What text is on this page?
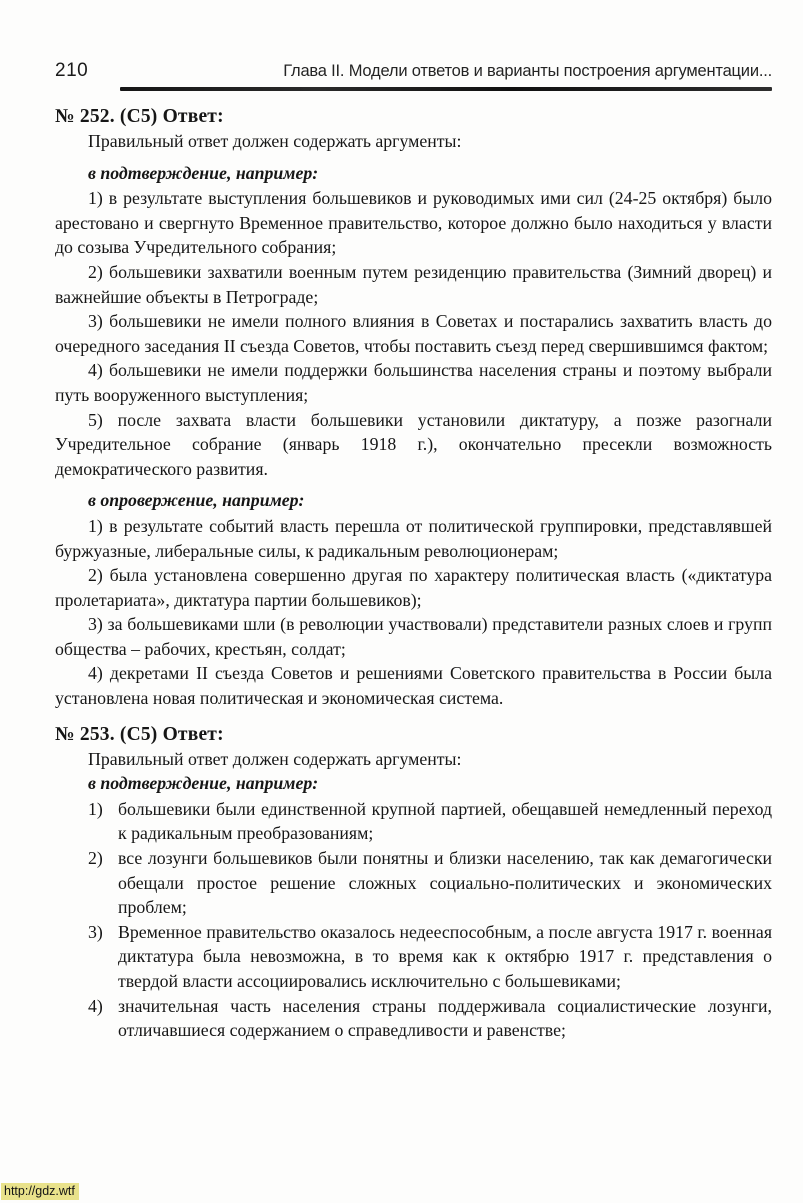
210	Глава II. Модели ответов и варианты построения аргументации...
№ 252. (С5) Ответ:

Правильный ответ должен содержать аргументы:

в подтверждение, например:

1) в результате выступления большевиков и руководимых ими сил (24-25 октября) было арестовано и свергнуто Временное правительство, которое должно было находиться у власти до созыва Учредительного собрания;

2) большевики захватили военным путем резиденцию правительства (Зимний дворец) и важнейшие объекты в Петрограде;

3) большевики не имели полного влияния в Советах и постарались захватить власть до очередного заседания II съезда Советов, чтобы поставить съезд перед свершившимся фактом;

4) большевики не имели поддержки большинства населения страны и поэтому выбрали путь вооруженного выступления;

5) после захвата власти большевики установили диктатуру, а позже разогнали Учредительное собрание (январь 1918 г.), окончательно пресекли возможность демократического развития.

в опровержение, например:

1) в результате событий власть перешла от политической группировки, представлявшей буржуазные, либеральные силы, к радикальным революционерам;

2) была установлена совершенно другая по характеру политическая власть («диктатура пролетариата», диктатура партии большевиков);

3) за большевиками шли (в революции участвовали) представители разных слоев и групп общества – рабочих, крестьян, солдат;

4) декретами II съезда Советов и решениями Советского правительства в России была установлена новая политическая и экономическая система.

№ 253. (С5) Ответ:

Правильный ответ должен содержать аргументы:

в подтверждение, например:

1) большевики были единственной крупной партией, обещавшей немедленный переход к радикальным преобразованиям;

2) все лозунги большевиков были понятны и близки населению, так как демагогически обещали простое решение сложных социально-политических и экономических проблем;

3) Временное правительство оказалось недееспособным, а после августа 1917 г. военная диктатура была невозможна, в то время как к октябрю 1917 г. представления о твердой власти ассоциировались исключительно с большевиками;

4) значительная часть населения страны поддерживала социалистические лозунги, отличавшиеся содержанием о справедливости и равенстве;

http://gdz.wtf
